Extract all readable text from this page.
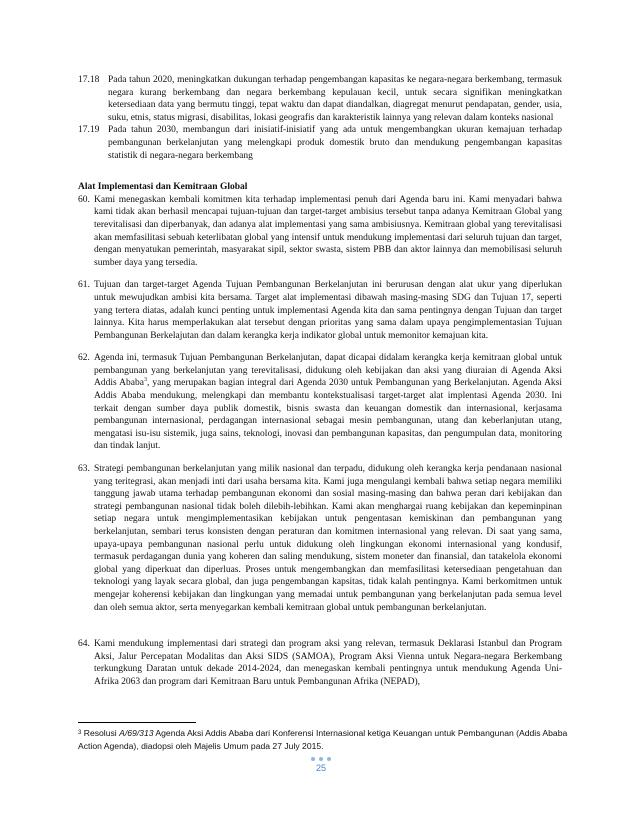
17.18 Pada tahun 2020, meningkatkan dukungan terhadap pengembangan kapasitas ke negara-negara berkembang, termasuk negara kurang berkembang dan negara berkembang kepulauan kecil, untuk secara signifikan meningkatkan ketersediaan data yang bermutu tinggi, tepat waktu dan dapat diandalkan, diagregat menurut pendapatan, gender, usia, suku, etnis, status migrasi, disabilitas, lokasi geografis dan karakteristik lainnya yang relevan dalam konteks nasional
17.19 Pada tahun 2030, membangun dari inisiatif-inisiatif yang ada untuk mengembangkan ukuran kemajuan terhadap pembangunan berkelanjutan yang melengkapi produk domestik bruto dan mendukung pengembangan kapasitas statistik di negara-negara berkembang
Alat Implementasi dan Kemitraan Global
60. Kami menegaskan kembali komitmen kita terhadap implementasi penuh dari Agenda baru ini. Kami menyadari bahwa kami tidak akan berhasil mencapai tujuan-tujuan dan target-target ambisius tersebut tanpa adanya Kemitraan Global yang terevitalisasi dan diperbanyak, dan adanya alat implementasi yang sama ambisiusnya. Kemitraan global yang terevitalisasi akan memfasilitasi sebuah keterlibatan global yang intensif untuk mendukung implementasi dari seluruh tujuan dan target, dengan menyatukan pemerintah, masyarakat sipil, sektor swasta, sistem PBB dan aktor lainnya dan memobilisasi seluruh sumber daya yang tersedia.
61. Tujuan dan target-target Agenda Tujuan Pembangunan Berkelanjutan ini berurusan dengan alat ukur yang diperlukan untuk mewujudkan ambisi kita bersama. Target alat implementasi dibawah masing-masing SDG dan Tujuan 17, seperti yang tertera diatas, adalah kunci penting untuk implementasi Agenda kita dan sama pentingnya dengan Tujuan dan target lainnya. Kita harus memperlakukan alat tersebut dengan prioritas yang sama dalam upaya pengimplementasian Tujuan Pembangunan Berkelajutan dan dalam kerangka kerja indikator global untuk memonitor kemajuan kita.
62. Agenda ini, termasuk Tujuan Pembangunan Berkelanjutan, dapat dicapai didalam kerangka kerja kemitraan global untuk pembangunan yang berkelanjutan yang terevitalisasi, didukung oleh kebijakan dan aksi yang diuraian di Agenda Aksi Addis Ababa$^3$, yang merupakan bagian integral dari Agenda 2030 untuk Pembangunan yang Berkelanjutan. Agenda Aksi Addis Ababa mendukung, melengkapi dan membantu kontekstualisasi target-target alat implentasi Agenda 2030. Ini terkait dengan sumber daya publik domestik, bisnis swasta dan keuangan domestik dan internasional, kerjasama pembangunan internasional, perdagangan internasional sebagai mesin pembangunan, utang dan keberlanjutan utang, mengatasi isu-isu sistemik, juga sains, teknologi, inovasi dan pembangunan kapasitas, dan pengumpulan data, monitoring dan tindak lanjut.
63. Strategi pembangunan berkelanjutan yang milik nasional dan terpadu, didukung oleh kerangka kerja pendanaan nasional yang teritegrasi, akan menjadi inti dari usaha bersama kita. Kami juga mengulangi kembali bahwa setiap negara memiliki tanggung jawab utama terhadap pembangunan ekonomi dan sosial masing-masing dan bahwa peran dari kebijakan dan strategi pembangunan nasional tidak boleh dilebih-lebihkan. Kami akan menghargai ruang kebijakan dan kepeminpinan setiap negara untuk mengimplementasikan kebijakan untuk pengentasan kemiskinan dan pembangunan yang berkelanjutan, sembari terus konsisten dengan peraturan dan komitmen internasional yang relevan. Di saat yang sama, upaya-upaya pembangunan nasional perlu untuk didukung oleh lingkungan ekonomi internasional yang kondusif, termasuk perdagangan dunia yang koheren dan saling mendukung, sistem moneter dan finansial, dan tatakelola ekonomi global yang diperkuat dan diperluas. Proses untuk mengembangkan dan memfasilitasi ketersediaan pengetahuan dan teknologi yang layak secara global, dan juga pengembangan kapsitas, tidak kalah pentingnya. Kami berkomitmen untuk mengejar koherensi kebijakan dan lingkungan yang memadai untuk pembangunan yang berkelanjutan pada semua level dan oleh semua aktor, serta menyegarkan kembali kemitraan global untuk pembangunan berkelanjutan.
64. Kami mendukung implementasi dari strategi dan program aksi yang relevan, termasuk Deklarasi Istanbul dan Program Aksi, Jalur Percepatan Modalitas dan Aksi SIDS (SAMOA), Program Aksi Vienna untuk Negara-negara Berkembang terkungkung Daratan untuk dekade 2014-2024, dan menegaskan kembali pentingnya untuk mendukung Agenda Uni-Afrika 2063 dan program dari Kemitraan Baru untuk Pembangunan Afrika (NEPAD),
$^3$ Resolusi A/69/313 Agenda Aksi Addis Ababa dari Konferensi Internasional ketiga Keuangan untuk Pembangunan (Addis Ababa Action Agenda), diadopsi oleh Majelis Umum pada 27 July 2015.
25
